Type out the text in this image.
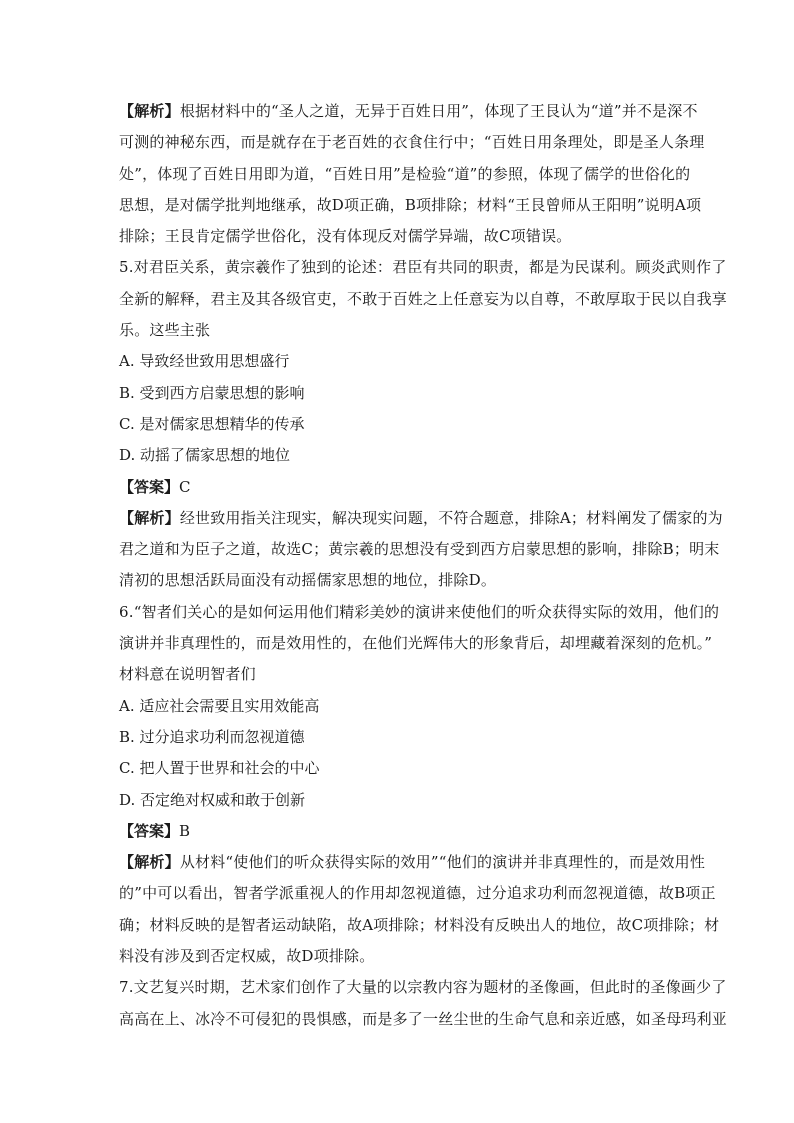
【解析】根据材料中的“圣人之道，无异于百姓日用”，体现了王艮认为“道”并不是深不
可测的神秘东西，而是就存在于老百姓的衣食住行中；“百姓日用条理处，即是圣人条理
处”，体现了百姓日用即为道，“百姓日用”是检验“道”的参照，体现了儒学的世俗化的
思想，是对儒学批判地继承，故D项正确，B项排除；材料“王艮曾师从王阳明”说明A项
排除；王艮肯定儒学世俗化，没有体现反对儒学异端，故C项错误。
5.对君臣关系，黄宗羲作了独到的论述：君臣有共同的职责，都是为民谋利。顾炎武则作了
全新的解释，君主及其各级官吏，不敢于百姓之上任意妄为以自尊，不敢厚取于民以自我享
乐。这些主张

A. 导致经世致用思想盛行

B. 受到西方启蒙思想的影响

C. 是对儒家思想精华的传承

D. 动摇了儒家思想的地位

【答案】C

【解析】经世致用指关注现实，解决现实问题，不符合题意，排除A；材料阐发了儒家的为
君之道和为臣子之道，故选C；黄宗羲的思想没有受到西方启蒙思想的影响，排除B；明末
清初的思想活跃局面没有动摇儒家思想的地位，排除D。
6.“智者们关心的是如何运用他们精彩美妙的演讲来使他们的听众获得实际的效用，他们的
演讲并非真理性的，而是效用性的，在他们光辉伟大的形象背后，却埋藏着深刻的危机。”
材料意在说明智者们

A. 适应社会需要且实用效能高

B. 过分追求功利而忽视道德

C. 把人置于世界和社会的中心

D. 否定绝对权威和敢于创新

【答案】B

【解析】从材料“使他们的听众获得实际的效用”“他们的演讲并非真理性的，而是效用性
的”中可以看出，智者学派重视人的作用却忽视道德，过分追求功利而忽视道德，故B项正
确；材料反映的是智者运动缺陷，故A项排除；材料没有反映出人的地位，故C项排除；材
料没有涉及到否定权威，故D项排除。
7.文艺复兴时期，艺术家们创作了大量的以宗教内容为题材的圣像画，但此时的圣像画少了
高高在上、冰冷不可侵犯的畏惧感，而是多了一丝尘世的生命气息和亲近感，如圣母玛利亚
